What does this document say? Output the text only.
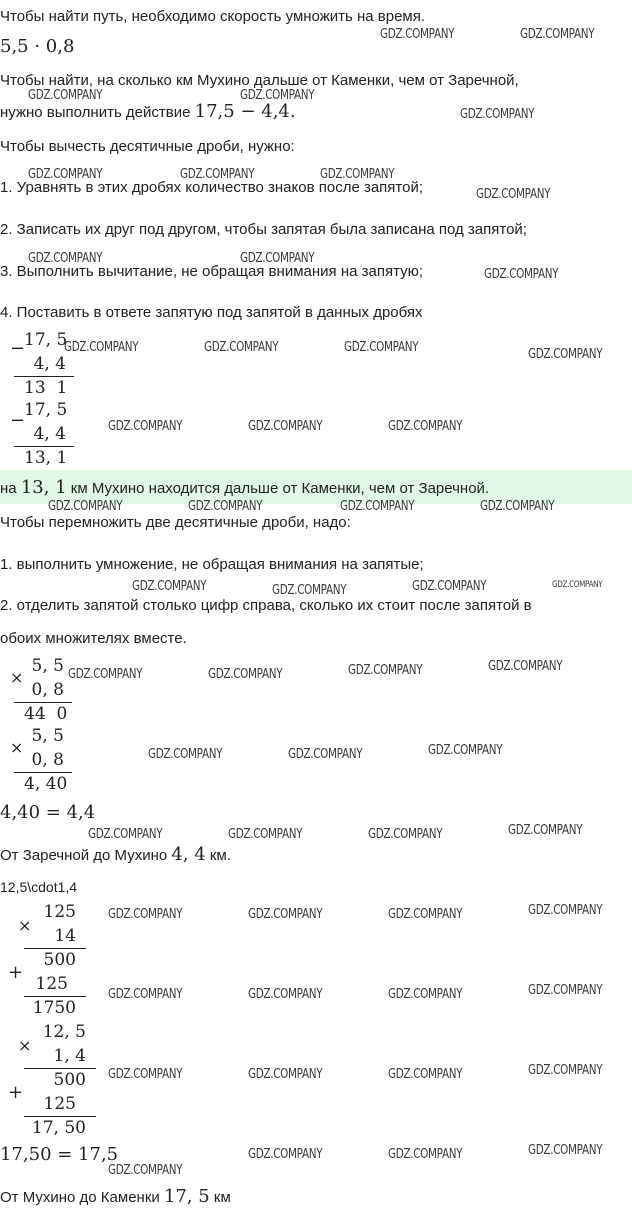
Чтобы найти путь, необходимо скорость умножить на время.
5,5 · 0,8
Чтобы найти, на сколько км Мухино дальше от Каменки, чем от Заречной,
нужно выполнить действие 17,5 − 4,4.
Чтобы вычесть десятичные дроби, нужно:
1. Уравнять в этих дробях количество знаков после запятой;
2. Записать их друг под другом, чтобы запятая была записана под запятой;
3. Выполнить вычитание, не обращая внимания на запятую;
4. Поставить в ответе запятую под запятой в данных дробях
−
17, 5
4, 4
13  1
−
17, 5
4, 4
13, 1
на 13, 1 км Мухино находится дальше от Каменки, чем от Заречной.
Чтобы перемножить две десятичные дроби, надо:
1. выполнить умножение, не обращая внимания на запятые;
2. отделить запятой столько цифр справа, сколько их стоит после запятой в
обоих множителях вместе.
×
5, 5
0, 8
44  0
×
5, 5
0, 8
4, 40
4,40 = 4,4
От Заречной до Мухино 4, 4 км.
12,5\cdot1,4
×
125
14
500
+
125
1750
×
12, 5
1, 4
500
+
125
17, 50
17,50 = 17,5
От Мухино до Каменки 17, 5 км
GDZ.COMPANY	GDZ.COMPANY
GDZ.COMPANY	GDZ.COMPANY
GDZ.COMPANY
GDZ.COMPANY	GDZ.COMPANY	GDZ.COMPANY
GDZ.COMPANY
GDZ.COMPANY	GDZ.COMPANY
GDZ.COMPANY
GDZ.COMPANY	GDZ.COMPANY	GDZ.COMPANY	GDZ.COMPANY
GDZ.COMPANY	GDZ.COMPANY	GDZ.COMPANY
GDZ.COMPANY	GDZ.COMPANY	GDZ.COMPANY	GDZ.COMPANY
GDZ.COMPANY	GDZ.COMPANY	GDZ.COMPANY	GDZ.COMPANY
GDZ.COMPANY	GDZ.COMPANY	GDZ.COMPANY	GDZ.COMPANY
GDZ.COMPANY	GDZ.COMPANY	GDZ.COMPANY
GDZ.COMPANY	GDZ.COMPANY	GDZ.COMPANY	GDZ.COMPANY
GDZ.COMPANY	GDZ.COMPANY	GDZ.COMPANY	GDZ.COMPANY
GDZ.COMPANY	GDZ.COMPANY	GDZ.COMPANY	GDZ.COMPANY
GDZ.COMPANY	GDZ.COMPANY	GDZ.COMPANY	GDZ.COMPANY
GDZ.COMPANY	GDZ.COMPANY	GDZ.COMPANY
GDZ.COMPANY
